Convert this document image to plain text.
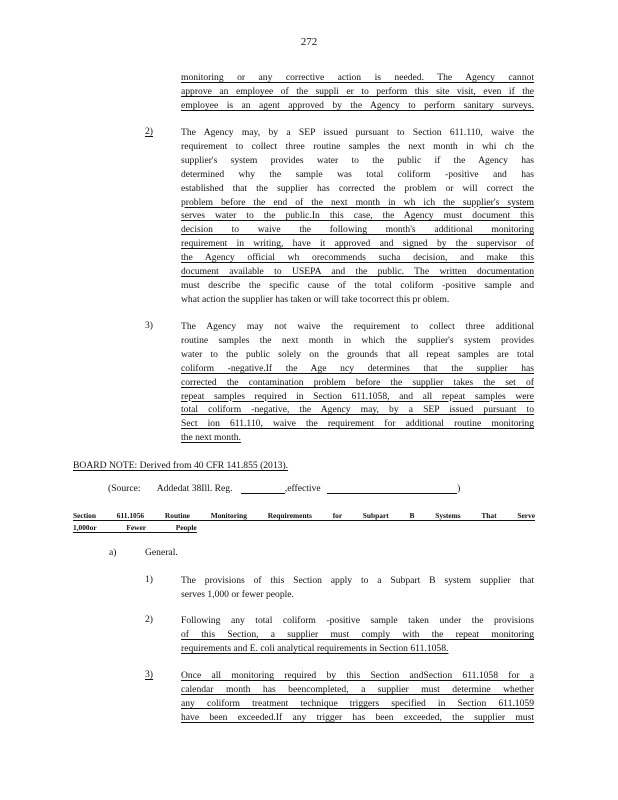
272
monitoring or any corrective action is needed. The Agency cannot
approve an employee of the suppli er to perform this site visit, even if the
employee is an agent approved by the Agency to perform sanitary surveys.
2)	The Agency may, by a SEP issued pursuant to Section 611.110, waive the
requirement to collect three routine samples the next month in whi ch the
supplier's system provides water to the public if the Agency has
determined why the sample was total coliform -positive and has
established that the supplier has corrected the problem or will correct the
problem before the end of the next month in wh ich the supplier's system
serves water to the public.In this case, the Agency must document this
decision to waive the following month's additional monitoring
requirement in writing, have it approved and signed by the supervisor of
the Agency official wh orecommends sucha decision, and make this
document available to USEPA and the public. The written documentation
must describe the specific cause of the total coliform -positive sample and
what action the supplier has taken or will take tocorrect this pr oblem.
3)	The Agency may not waive the requirement to collect three additional
routine samples the next month in which the supplier's system provides
water to the public solely on the grounds that all repeat samples are total
coliform -negative.If the Age ncy determines that the supplier has
corrected the contamination problem before the supplier takes the set of
repeat samples required in Section 611.1058, and all repeat samples were
total coliform -negative, the Agency may, by a SEP issued pursuant to
Sect ion 611.110, waive the requirement for additional routine monitoring
the next month.
BOARD NOTE: Derived from 40 CFR 141.855 (2013).
(Source: Addedat 38Ill. Reg.	,effective	)
Section 611.1056 Routine Monitoring Requirements for Subpart B Systems That Serve
1,000or Fewer People
a)	General.
1)	The provisions of this Section apply to a Subpart B system supplier that
serves 1,000 or fewer people.
2)	Following any total coliform -positive sample taken under the provisions
of this Section, a supplier must comply with the repeat monitoring
requirements and E. coli analytical requirements in Section 611.1058.
3)	Once all monitoring required by this Section andSection 611.1058 for a
calendar month has beencompleted, a supplier must determine whether
any coliform treatment technique triggers specified in Section 611.1059
have been exceeded.If any trigger has been exceeded, the supplier must
